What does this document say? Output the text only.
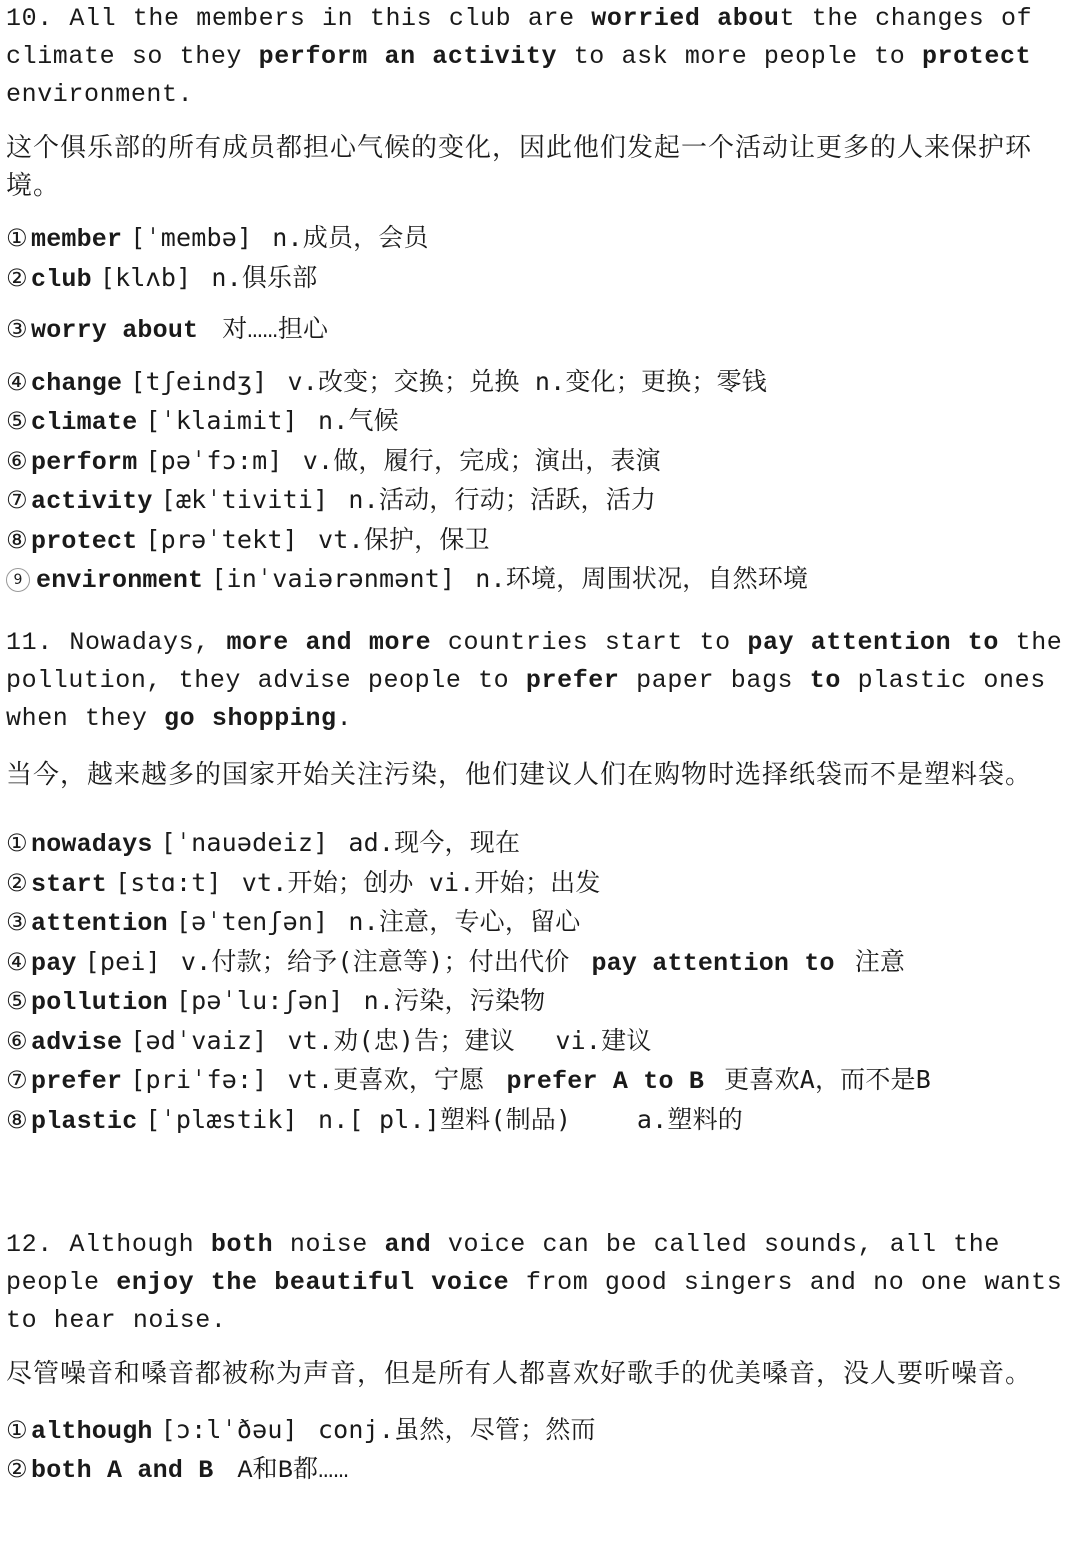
10. All the members in this club are worried about the changes of climate so they perform an activity to ask more people to protect environment.
这个俱乐部的所有成员都担心气候的变化，因此他们发起一个活动让更多的人来保护环境。
① member [ˈmembə] n.成员，会员
② club [klʌb] n.俱乐部
③ worry about 对……担心
④ change [tʃeindʒ] v.改变；交换；兑换 n.变化；更换；零钱
⑤ climate [ˈklaimit] n.气候
⑥ perform [pəˈfɔ:m] v.做，履行，完成；演出，表演
⑦ activity [ækˈtiviti] n.活动，行动；活跃，活力
⑧ protect [prəˈtekt] vt.保护，保卫
9 environment [inˈvaiərənmənt] n.环境，周围状况，自然环境
11. Nowadays, more and more countries start to pay attention to the pollution, they advise people to prefer paper bags to plastic ones when they go shopping.
当今，越来越多的国家开始关注污染，他们建议人们在购物时选择纸袋而不是塑料袋。
① nowadays [ˈnauədeiz] ad.现今，现在
② start [stɑ:t] vt.开始；创办 vi.开始；出发
③ attention [əˈtenʃən] n.注意，专心，留心
④ pay [pei] v.付款；给予(注意等)；付出代价 pay attention to 注意
⑤ pollution [pəˈlu:ʃən] n.污染，污染物
⑥ advise [ədˈvaiz] vt.劝(忠)告；建议　 vi.建议
⑦ prefer [priˈfə:] vt.更喜欢，宁愿 prefer A to B 更喜欢A，而不是B
⑧ plastic [ˈplæstik] n.[ pl.]塑料(制品)　　 a.塑料的
12. Although both noise and voice can be called sounds, all the people enjoy the beautiful voice from good singers and no one wants to hear noise.
尽管噪音和嗓音都被称为声音，但是所有人都喜欢好歌手的优美嗓音，没人要听噪音。
① although [ɔ:lˈðəu] conj.虽然，尽管；然而
② both A and B A和B都……
